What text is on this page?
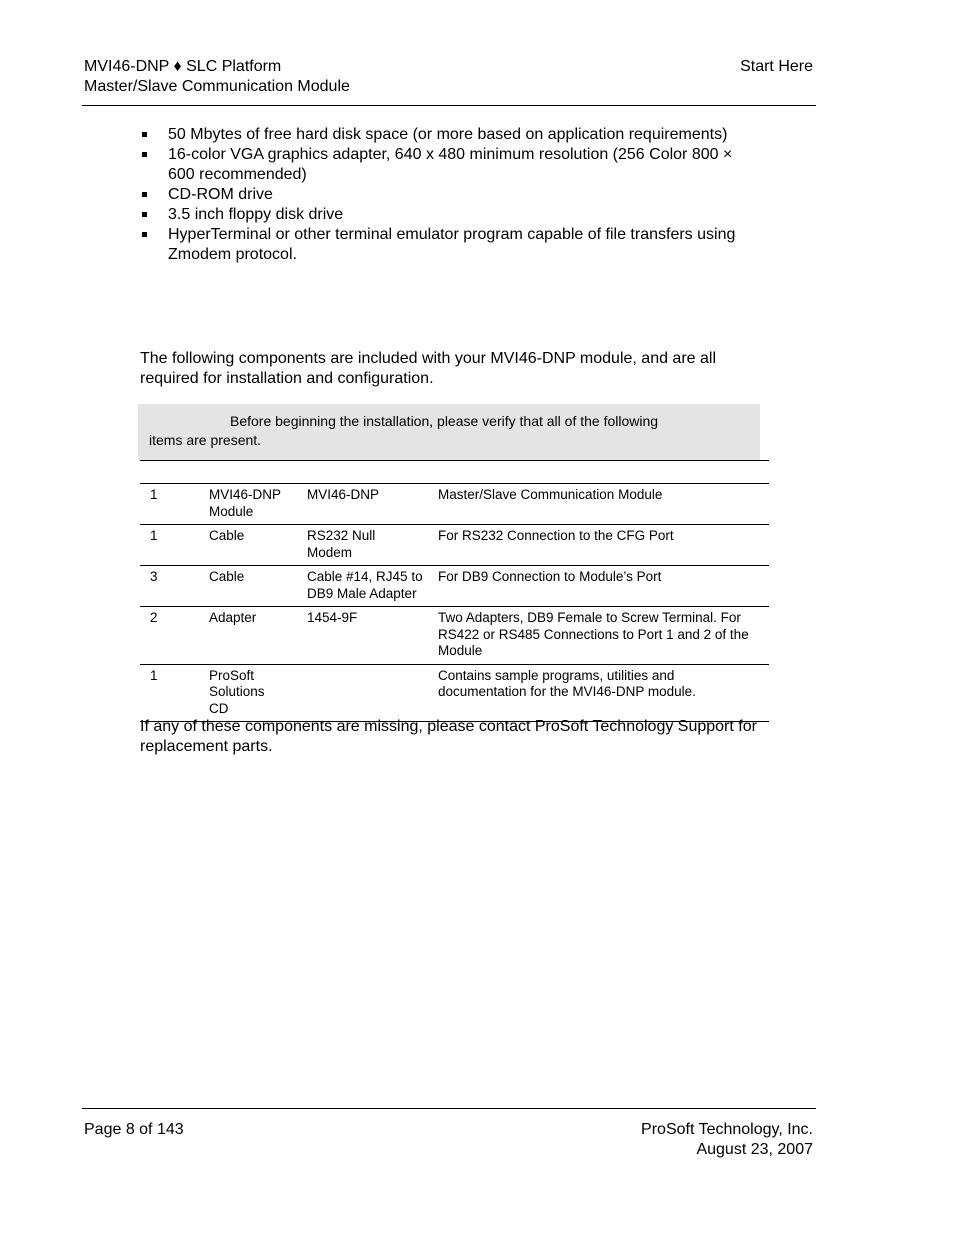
MVI46-DNP ♦ SLC Platform
Master/Slave Communication Module
Start Here
50 Mbytes of free hard disk space (or more based on application requirements)
16-color VGA graphics adapter, 640 x 480 minimum resolution (256 Color 800 × 600 recommended)
CD-ROM drive
3.5 inch floppy disk drive
HyperTerminal or other terminal emulator program capable of file transfers using Zmodem protocol.

The following components are included with your MVI46-DNP module, and are all required for installation and configuration.

Before beginning the installation, please verify that all of the following
items are present.
1	MVI46-DNP Module	MVI46-DNP	Master/Slave Communication Module
1	Cable	RS232 Null Modem	For RS232 Connection to the CFG Port
3	Cable	Cable #14, RJ45 to DB9 Male Adapter	For DB9 Connection to Module’s Port
2	Adapter	1454-9F	Two Adapters, DB9 Female to Screw Terminal. For RS422 or RS485 Connections to Port 1 and 2 of the Module
1	ProSoft Solutions CD		Contains sample programs, utilities and documentation for the MVI46-DNP module.

If any of these components are missing, please contact ProSoft Technology Support for replacement parts.

Page 8 of 143	ProSoft Technology, Inc.
August 23, 2007
